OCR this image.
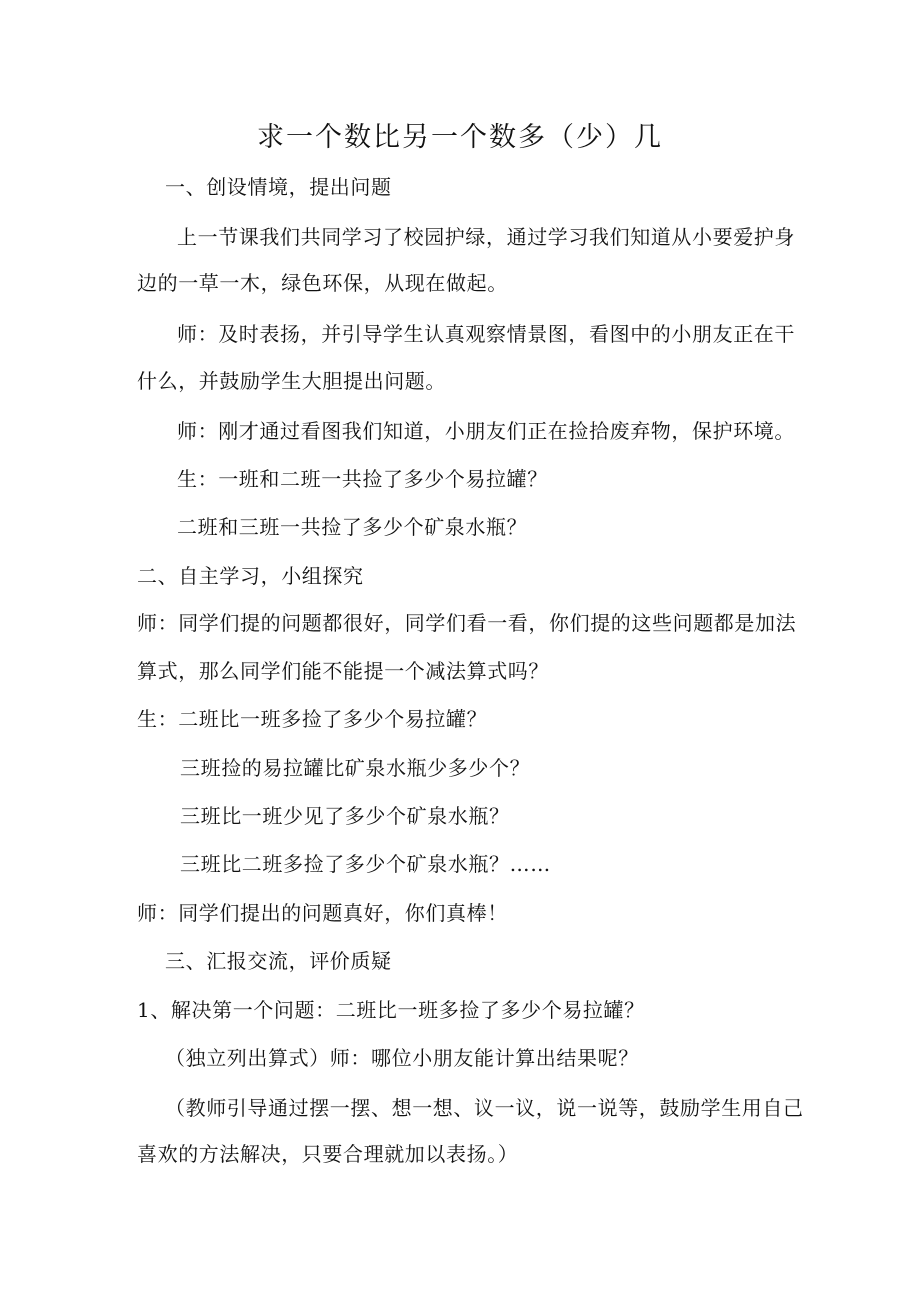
求一个数比另一个数多（少）几
一、创设情境，提出问题
上一节课我们共同学习了校园护绿，通过学习我们知道从小要爱护身
边的一草一木，绿色环保，从现在做起。
师：及时表扬，并引导学生认真观察情景图，看图中的小朋友正在干
什么，并鼓励学生大胆提出问题。
师：刚才通过看图我们知道，小朋友们正在捡拾废弃物，保护环境。
生：一班和二班一共捡了多少个易拉罐？
二班和三班一共捡了多少个矿泉水瓶？
二、自主学习，小组探究
师：同学们提的问题都很好，同学们看一看，你们提的这些问题都是加法
算式，那么同学们能不能提一个减法算式吗？
生：二班比一班多捡了多少个易拉罐？
三班捡的易拉罐比矿泉水瓶少多少个？
三班比一班少见了多少个矿泉水瓶？
三班比二班多捡了多少个矿泉水瓶？……
师：同学们提出的问题真好，你们真棒！
三、汇报交流，评价质疑
1、解决第一个问题：二班比一班多捡了多少个易拉罐？
（独立列出算式）师：哪位小朋友能计算出结果呢？
（教师引导通过摆一摆、想一想、议一议，说一说等，鼓励学生用自己
喜欢的方法解决，只要合理就加以表扬。）
